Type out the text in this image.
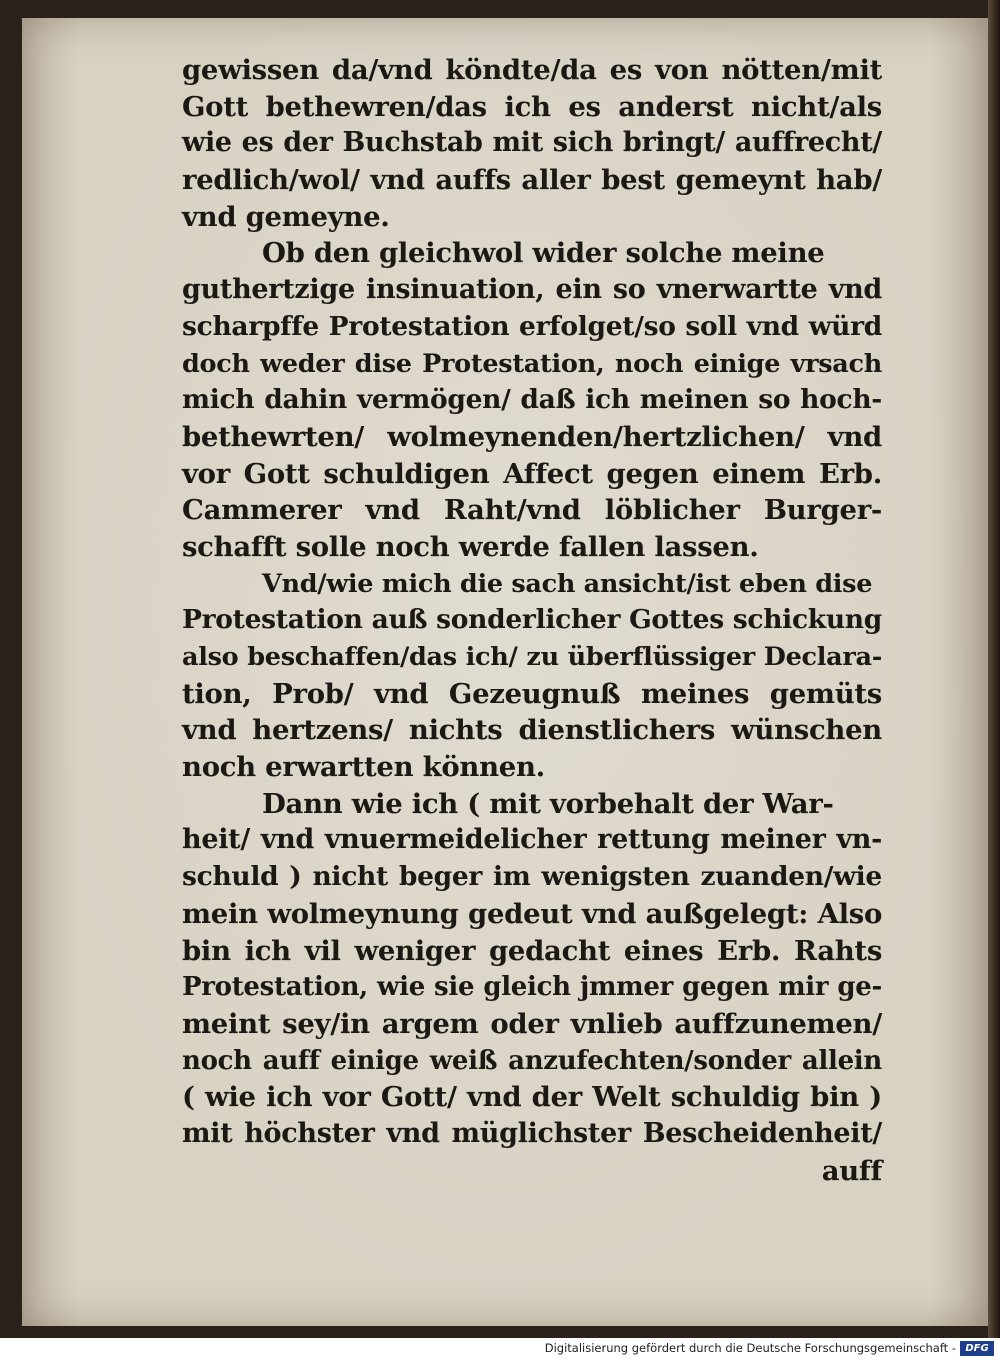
gewissen da/vnd köndte/da es von nötten/mit
Gott bethewren/das ich es anderst nicht/als
wie es der Buchstab mit sich bringt/ auffrecht/
redlich/wol/ vnd auffs aller best gemeynt hab/
vnd gemeyne.
Ob den gleichwol wider solche meine
guthertzige insinuation, ein so vnerwartte vnd
scharpffe Protestation erfolget/so soll vnd würd
doch weder dise Protestation, noch einige vrsach
mich dahin vermögen/ daß ich meinen so hoch-
bethewrten/ wolmeynenden/hertzlichen/ vnd
vor Gott schuldigen Affect gegen einem Erb.
Cammerer vnd Raht/vnd löblicher Burger-
schafft solle noch werde fallen lassen.
Vnd/wie mich die sach ansicht/ist eben dise
Protestation auß sonderlicher Gottes schickung
also beschaffen/das ich/ zu überflüssiger Declara-
tion, Prob/ vnd Gezeugnuß meines gemüts
vnd hertzens/ nichts dienstlichers wünschen
noch erwartten können.
Dann wie ich ( mit vorbehalt der War-
heit/ vnd vnuermeidelicher rettung meiner vn-
schuld ) nicht beger im wenigsten zuanden/wie
mein wolmeynung gedeut vnd außgelegt: Also
bin ich vil weniger gedacht eines Erb. Rahts
Protestation, wie sie gleich jmmer gegen mir ge-
meint sey/in argem oder vnlieb auffzunemen/
noch auff einige weiß anzufechten/sonder allein
( wie ich vor Gott/ vnd der Welt schuldig bin )
mit höchster vnd müglichster Bescheidenheit/
auff
Digitalisierung gefördert durch die Deutsche Forschungsgemeinschaft - DFG
